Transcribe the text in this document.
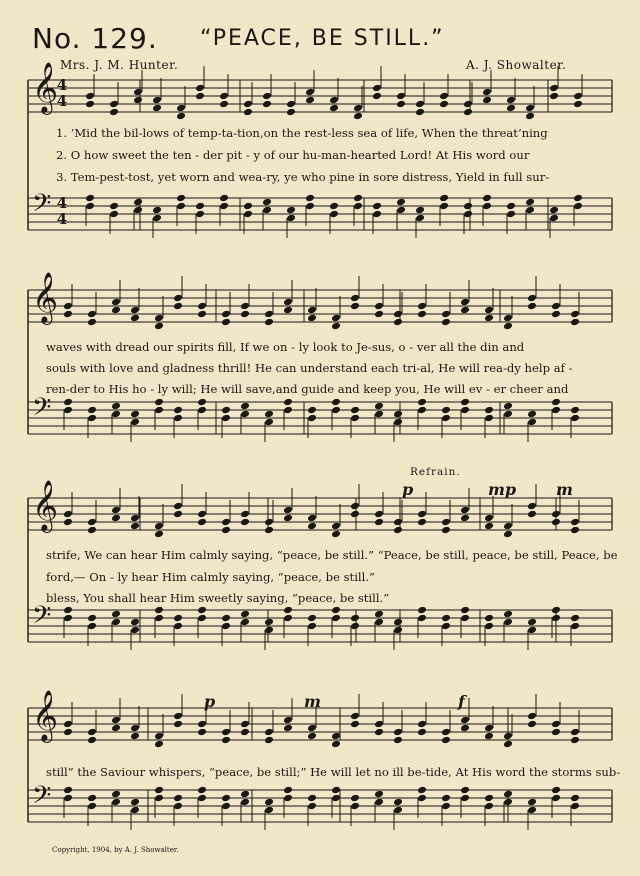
No. 129. “PEACE, BE STILL.”
Mrs. J. M. Hunter.	A. J. Showalter.
𝄞
𝄢
𝄞
𝄢
𝄞
𝄢
𝄞
𝄢
4
4
4
4
1. ’Mid the bil-lows of temp-ta-tion,on the rest-less sea of life, When the threat’ning
2. O how sweet the ten - der pit - y of our hu-man-hearted Lord! At His word our
3. Tem-pest-tost, yet worn and wea-ry, ye who pine in sore distress, Yield in full sur-
waves with dread our spirits fill, If we on - ly look to Je-sus, o - ver all the din and
souls with love and gladness thrill! He can understand each tri-al, He will rea-dy help af -
ren-der to His ho - ly will; He will save,and guide and keep you, He will ev - er cheer and
Refrain.
strife, We can hear Him calmly saying, “peace, be still.” “Peace, be still, peace, be still, Peace, be
ford,— On - ly hear Him calmly saying, “peace, be still.”
bless, You shall hear Him sweetly saying, “peace, be still.”
still” the Saviour whispers, “peace, be still;” He will let no ill be-tide, At His word the storms sub-
p	mp m
p	m	f
Copyright, 1904, by A. J. Showalter.
